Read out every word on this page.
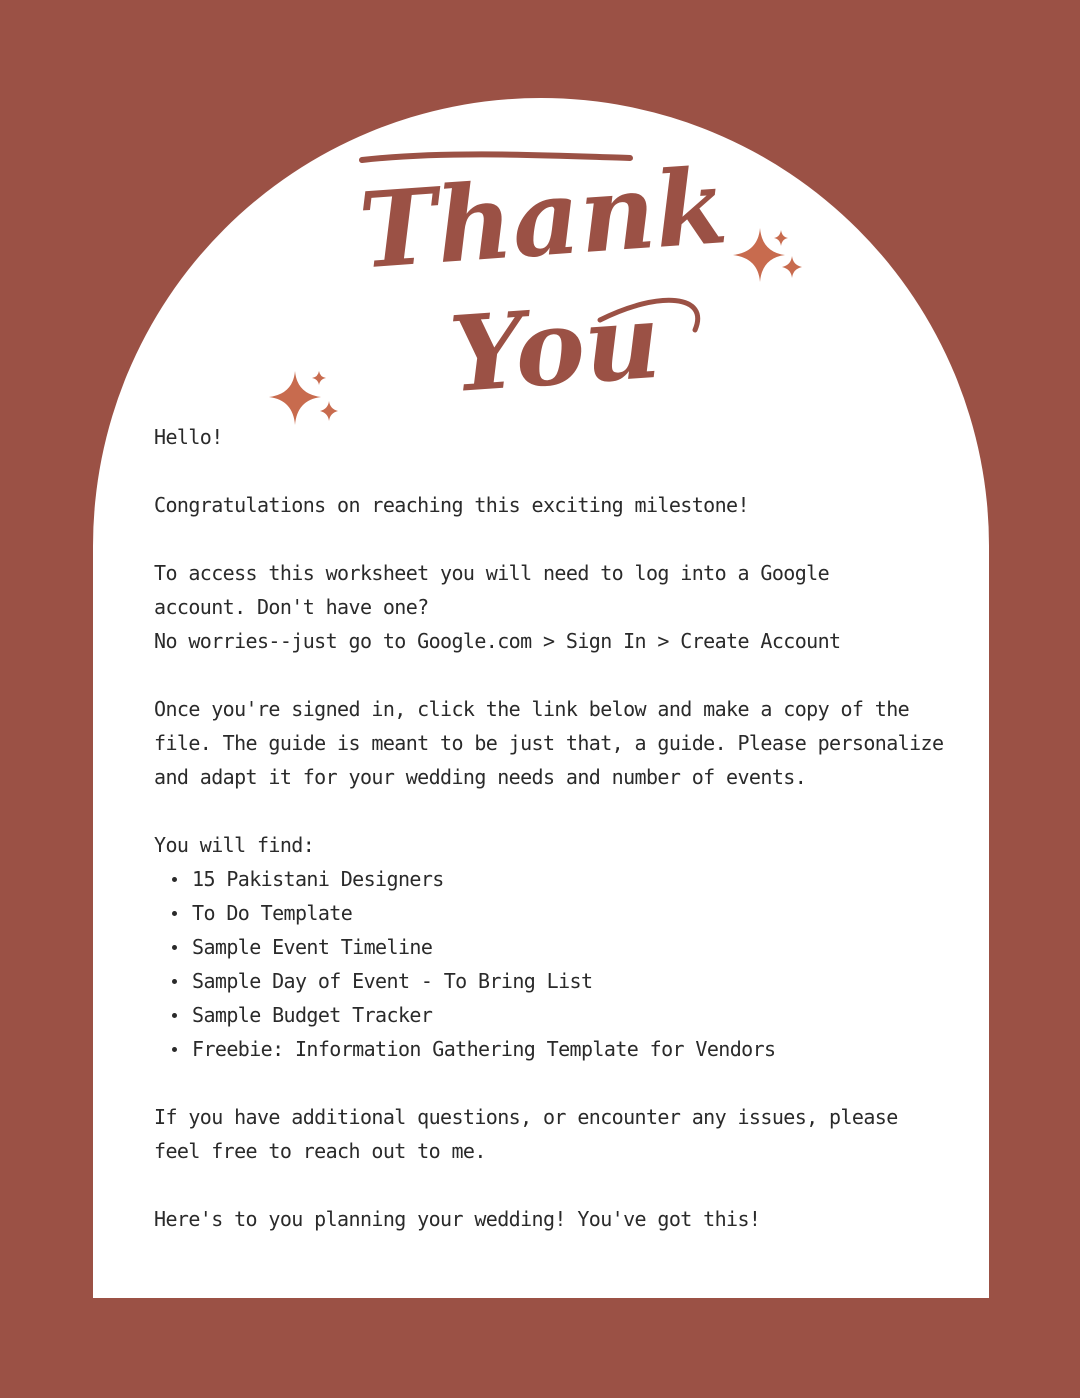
Thank
You

Hello!

Congratulations on reaching this exciting milestone!

To access this worksheet you will need to log into a Google
account. Don't have one?
No worries--just go to Google.com > Sign In > Create Account

Once you're signed in, click the link below and make a copy of the file. The guide is meant to be just that, a guide. Please personalize and adapt it for your wedding needs and number of events.

You will find:

15 Pakistani Designers
To Do Template
Sample Event Timeline
Sample Day of Event - To Bring List
Sample Budget Tracker
Freebie: Information Gathering Template for Vendors

If you have additional questions, or encounter any issues, please feel free to reach out to me.

Here's to you planning your wedding! You've got this!
